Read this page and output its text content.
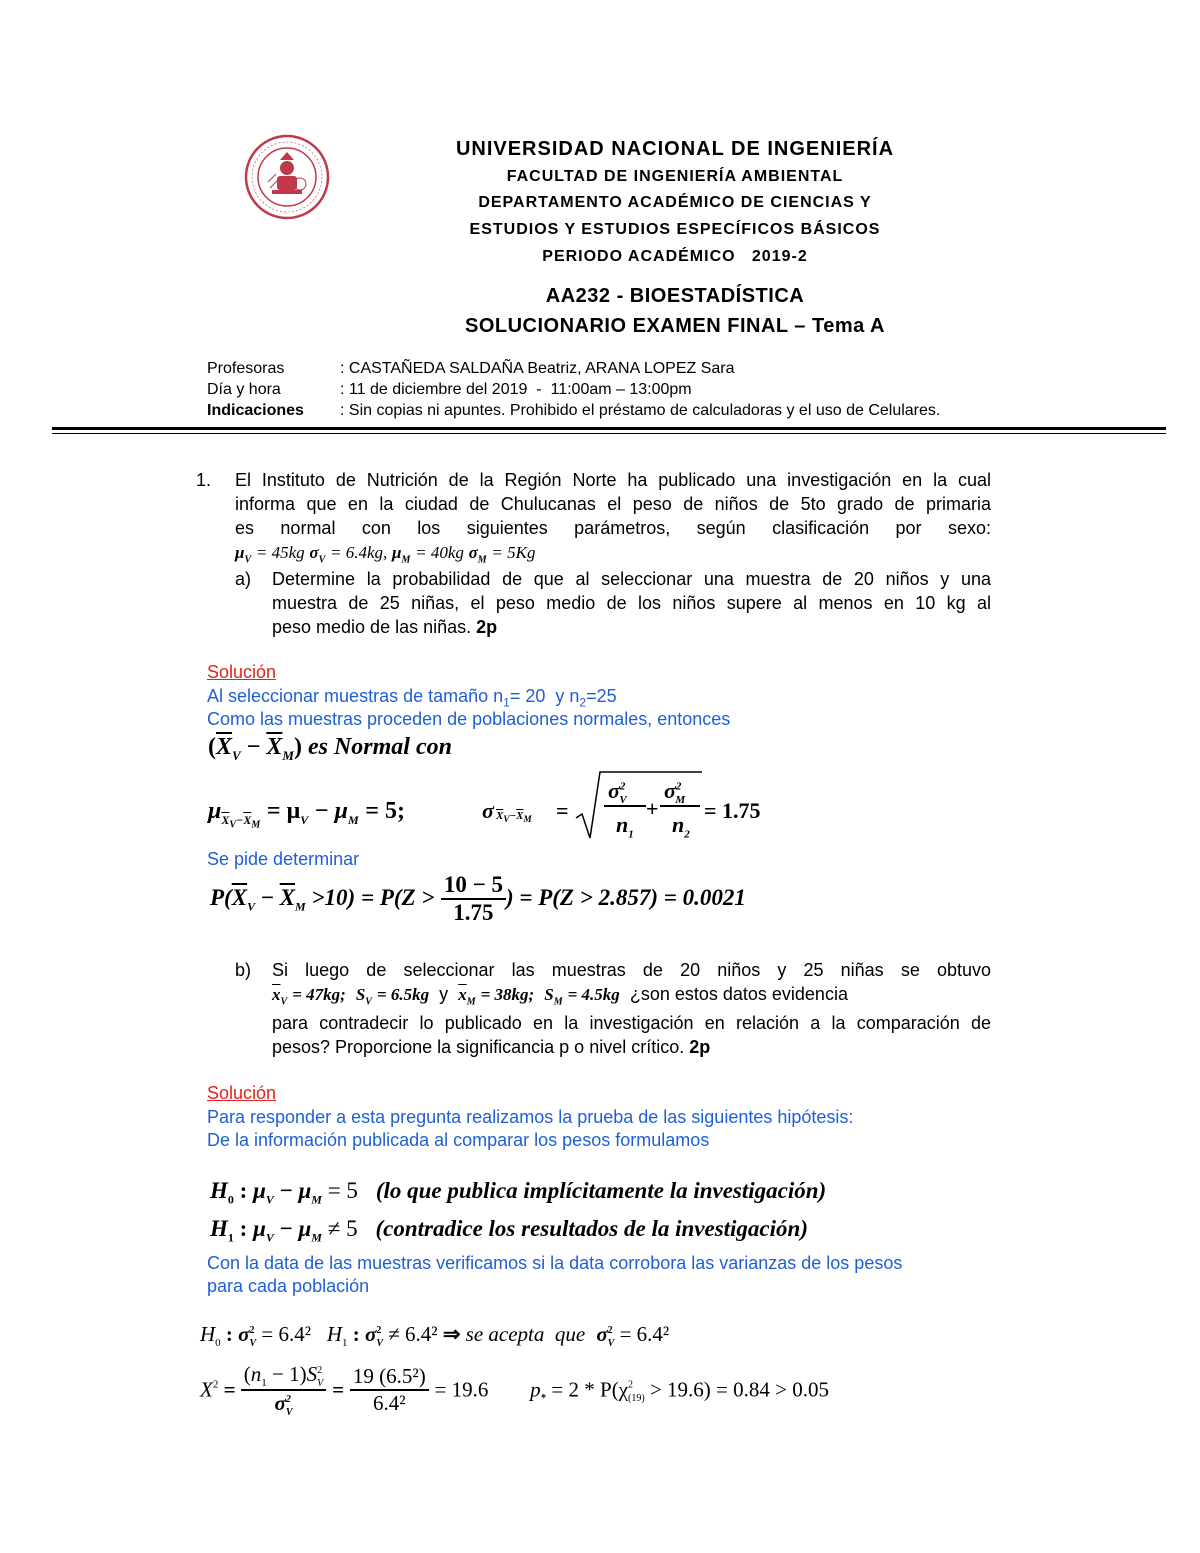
UNIVERSIDAD NACIONAL DE INGENIERÍA
FACULTAD DE INGENIERÍA AMBIENTAL
DEPARTAMENTO ACADÉMICO DE CIENCIAS Y
ESTUDIOS Y ESTUDIOS ESPECÍFICOS BÁSICOS
PERIODO ACADÉMICO   2019-2
AA232 - BIOESTADÍSTICA
SOLUCIONARIO EXAMEN FINAL – Tema A
Profesoras	: CASTAÑEDA SALDAÑA Beatriz, ARANA LOPEZ Sara
Día y hora	: 11 de diciembre del 2019  -  11:00am – 13:00pm
Indicaciones : Sin copias ni apuntes. Prohibido el préstamo de calculadoras y el uso de Celulares.
1. El Instituto de Nutrición de la Región Norte ha publicado una investigación en la cual
informa que en la ciudad de Chulucanas el peso de niños de 5to grado de primaria
es normal con los siguientes parámetros, según clasificación por sexo:
$\mu_V = 45kg$ $\sigma_V = 6.4kg$, $\mu_M = 40kg$ $\sigma_M = 5Kg$
a) Determine la probabilidad de que al seleccionar una muestra de 20 niños y una
muestra de 25 niñas, el peso medio de los niños supere al menos en 10 kg al
peso medio de las niñas. 2p
Solución
Al seleccionar muestras de tamaño $n_1= 20$  y $n_2=25$
Como las muestras proceden de poblaciones normales, entonces
$(\overline{X}_V - \overline{X}_M)$ es Normal con
$\mu_{\overline{X}_V-\overline{X}_M} = \mu_V - \mu_M = 5$;	σ $\overline{X}_V-\overline{X}_M$ =
$\sigma^2_V$
$n_1$
+
$\sigma^2_M$
$n_2$
= 1.75
Se pide determinar
$P(\overline{X}_V - \overline{X}_M >10) = P(Z > \frac{10 - 5}{1.75}$ ) = P(Z > 2.857) = 0.0021
b) Si luego de seleccionar las muestras de 20 niños y 25 niñas se obtuvo
$\overline{x}_V = 47kg$; $S_V = 6.5kg$ y $\overline{x}_M = 38kg$; $S_M = 4.5kg$ ¿son estos datos evidencia
para contradecir lo publicado en la investigación en relación a la comparación de
pesos? Proporcione la significancia p o nivel crítico. 2p
Solución
Para responder a esta pregunta realizamos la prueba de las siguientes hipótesis:
De la información publicada al comparar los pesos formulamos
$H_0$ : $\mu_V - \mu_M = 5$   (lo que publica implícitamente la investigación)
$H_1$ : $\mu_V - \mu_M \ne 5$   (contradice los resultados de la investigación)
Con la data de las muestras verificamos si la data corrobora las varianzas de los pesos
para cada población
$H_0$ : $\sigma^2_V = 6.4^2$   $H_1$ : $\sigma^2_V \ne 6.4^2$ ⇒ se acepta  que  $\sigma^2_V = 6.4^2$
$X^2 = \frac{(n_1 - 1)S^2_V}{\sigma^2_V} = \frac{\text{19 (6.5²)}}{\text{6.4²}} = 19.6$ $p_* = 2 * P(\chi^2_{(19)} > 19.6) = 0.84 > 0.05$
